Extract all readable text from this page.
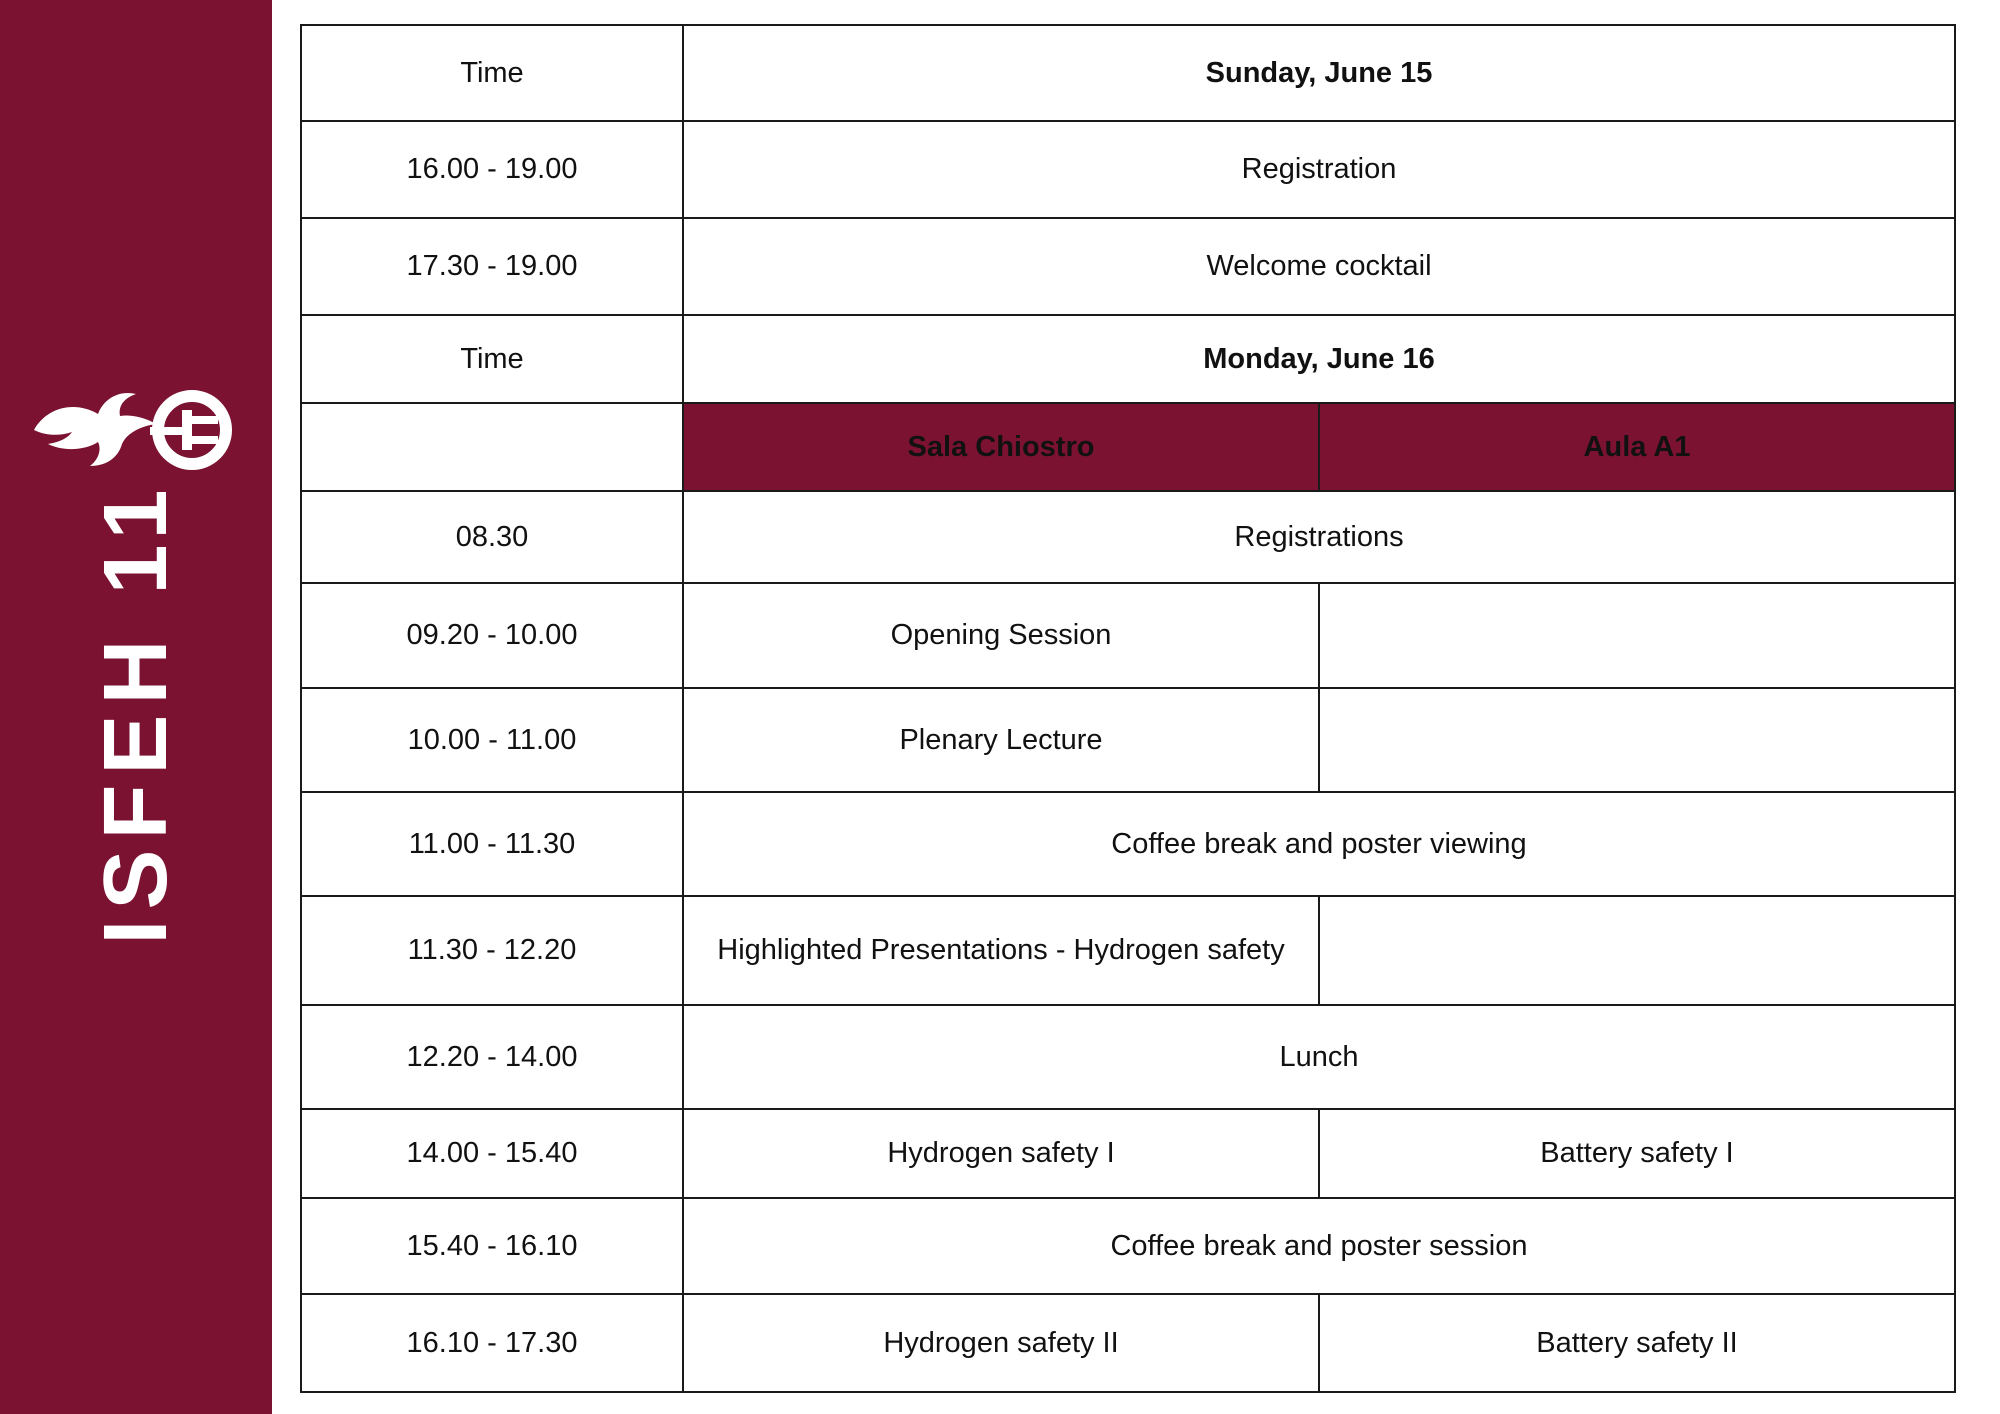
ISFEH 11
Time	Sunday, June 15	
16.00 - 19.00	Registration	
17.30 - 19.00	Welcome cocktail	
Time	Monday, June 16	
	Sala Chiostro	Aula A1
08.30	Registrations	
09.20 - 10.00	Opening Session	
10.00 - 11.00	Plenary Lecture	
11.00 - 11.30	Coffee break and poster viewing	
11.30 - 12.20	Highlighted Presentations - Hydrogen safety	
12.20 - 14.00	Lunch	
14.00 - 15.40	Hydrogen safety I	Battery safety I
15.40 - 16.10	Coffee break and poster session	
16.10 - 17.30	Hydrogen safety II	Battery safety II
